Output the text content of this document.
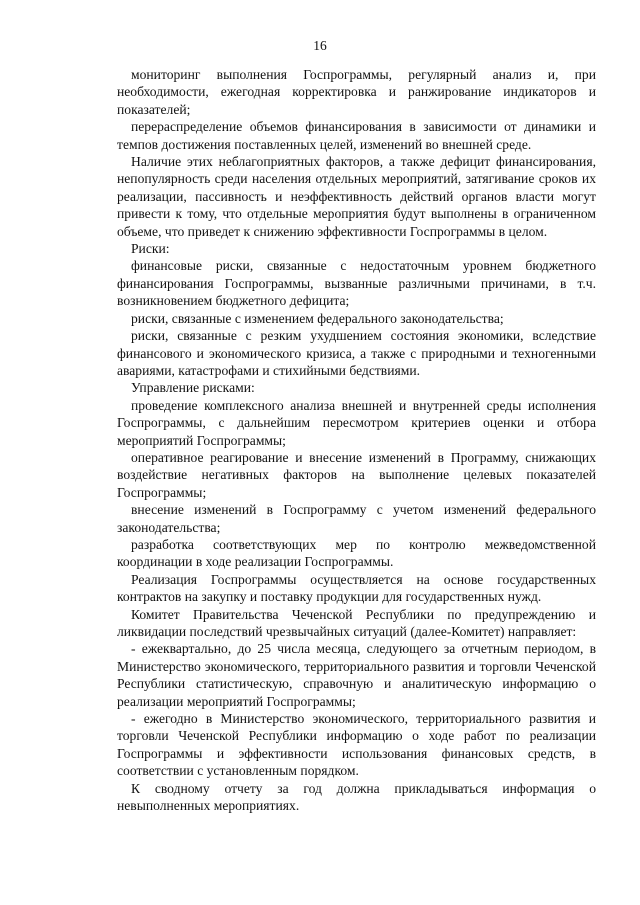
16

мониторинг выполнения Госпрограммы, регулярный анализ и, при необходимости, ежегодная корректировка и ранжирование индикаторов и показателей;

перераспределение объемов финансирования в зависимости от динамики и темпов достижения поставленных целей, изменений во внешней среде.

Наличие этих неблагоприятных факторов, а также дефицит финансирования, непопулярность среди населения отдельных мероприятий, затягивание сроков их реализации, пассивность и неэффективность действий органов власти могут привести к тому, что отдельные мероприятия будут выполнены в ограниченном объеме, что приведет к снижению эффективности Госпрограммы в целом.

Риски:

финансовые риски, связанные с недостаточным уровнем бюджетного финансирования Госпрограммы, вызванные различными причинами, в т.ч. возникновением бюджетного дефицита;

риски, связанные с изменением федерального законодательства;

риски, связанные с резким ухудшением состояния экономики, вследствие финансового и экономического кризиса, а также с природными и техногенными авариями, катастрофами и стихийными бедствиями.

Управление рисками:

проведение комплексного анализа внешней и внутренней среды исполнения Госпрограммы, с дальнейшим пересмотром критериев оценки и отбора мероприятий Госпрограммы;

оперативное реагирование и внесение изменений в Программу, снижающих воздействие негативных факторов на выполнение целевых показателей Госпрограммы;

внесение изменений в Госпрограмму с учетом изменений федерального законодательства;

разработка соответствующих мер по контролю межведомственной координации в ходе реализации Госпрограммы.

Реализация Госпрограммы осуществляется на основе государственных контрактов на закупку и поставку продукции для государственных нужд.

Комитет Правительства Чеченской Республики по предупреждению и ликвидации последствий чрезвычайных ситуаций (далее-Комитет) направляет:

- ежеквартально, до 25 числа месяца, следующего за отчетным периодом, в Министерство экономического, территориального развития и торговли Чеченской Республики статистическую, справочную и аналитическую информацию о реализации мероприятий Госпрограммы;

- ежегодно в Министерство экономического, территориального развития и торговли Чеченской Республики информацию о ходе работ по реализации Госпрограммы и эффективности использования финансовых средств, в соответствии с установленным порядком.

К сводному отчету за год должна прикладываться информация о невыполненных мероприятиях.
